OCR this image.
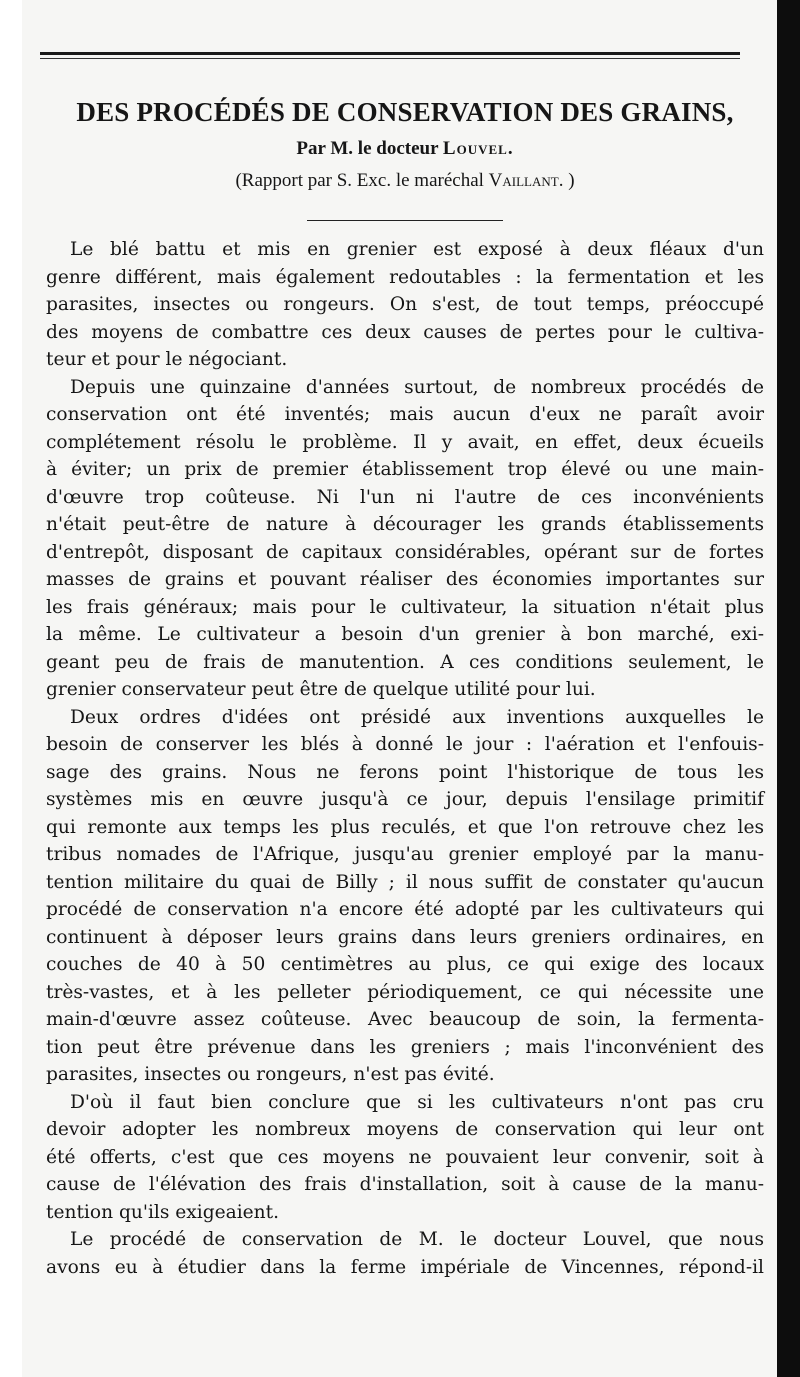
DES PROCÉDÉS DE CONSERVATION DES GRAINS,
Par M. le docteur Louvel.
(Rapport par S. Exc. le maréchal Vaillant. )
Le blé battu et mis en grenier est exposé à deux fléaux d'un
genre différent, mais également redoutables : la fermentation et les
parasites, insectes ou rongeurs. On s'est, de tout temps, préoccupé
des moyens de combattre ces deux causes de pertes pour le cultiva-
teur et pour le négociant.
Depuis une quinzaine d'années surtout, de nombreux procédés de
conservation ont été inventés; mais aucun d'eux ne paraît avoir
complétement résolu le problème. Il y avait, en effet, deux écueils
à éviter; un prix de premier établissement trop élevé ou une main-
d'œuvre trop coûteuse. Ni l'un ni l'autre de ces inconvénients
n'était peut-être de nature à décourager les grands établissements
d'entrepôt, disposant de capitaux considérables, opérant sur de fortes
masses de grains et pouvant réaliser des économies importantes sur
les frais généraux; mais pour le cultivateur, la situation n'était plus
la même. Le cultivateur a besoin d'un grenier à bon marché, exi-
geant peu de frais de manutention. A ces conditions seulement, le
grenier conservateur peut être de quelque utilité pour lui.
Deux ordres d'idées ont présidé aux inventions auxquelles le
besoin de conserver les blés à donné le jour : l'aération et l'enfouis-
sage des grains. Nous ne ferons point l'historique de tous les
systèmes mis en œuvre jusqu'à ce jour, depuis l'ensilage primitif
qui remonte aux temps les plus reculés, et que l'on retrouve chez les
tribus nomades de l'Afrique, jusqu'au grenier employé par la manu-
tention militaire du quai de Billy ; il nous suffit de constater qu'aucun
procédé de conservation n'a encore été adopté par les cultivateurs qui
continuent à déposer leurs grains dans leurs greniers ordinaires, en
couches de 40 à 50 centimètres au plus, ce qui exige des locaux
très-vastes, et à les pelleter périodiquement, ce qui nécessite une
main-d'œuvre assez coûteuse. Avec beaucoup de soin, la fermenta-
tion peut être prévenue dans les greniers ; mais l'inconvénient des
parasites, insectes ou rongeurs, n'est pas évité.
D'où il faut bien conclure que si les cultivateurs n'ont pas cru
devoir adopter les nombreux moyens de conservation qui leur ont
été offerts, c'est que ces moyens ne pouvaient leur convenir, soit à
cause de l'élévation des frais d'installation, soit à cause de la manu-
tention qu'ils exigeaient.
Le procédé de conservation de M. le docteur Louvel, que nous
avons eu à étudier dans la ferme impériale de Vincennes, répond-il
